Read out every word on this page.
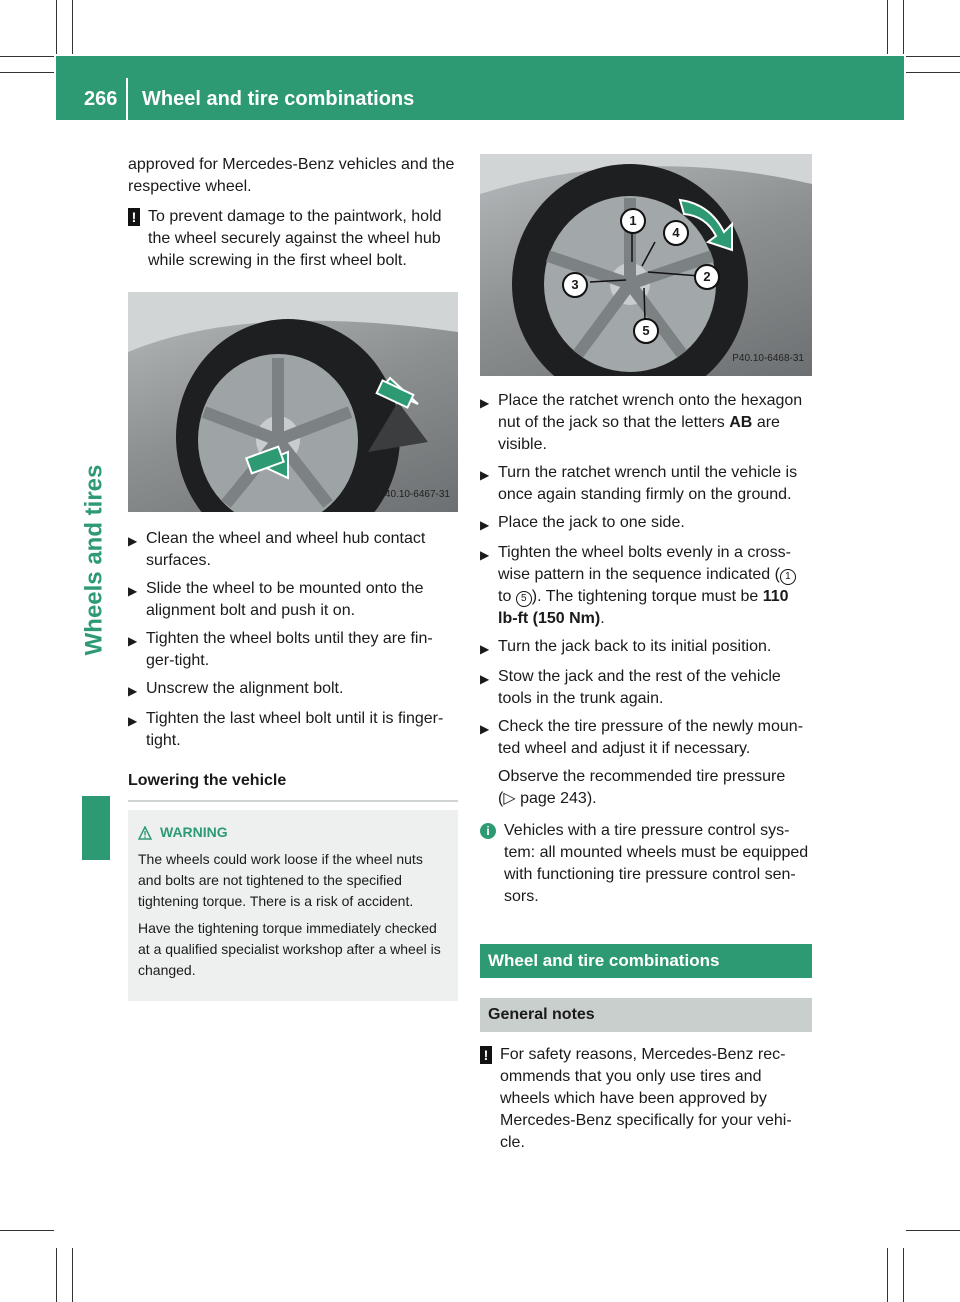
266 Wheel and tire combinations
Wheels and tires

approved for Mercedes-Benz vehicles and the respective wheel.

! To prevent damage to the paintwork, hold the wheel securely against the wheel hub while screwing in the first wheel bolt.
P40.10-6467-31
▶ Clean the wheel and wheel hub contact surfaces.
▶ Slide the wheel to be mounted onto the alignment bolt and push it on.
▶ Tighten the wheel bolts until they are fin-ger-tight.
▶ Unscrew the alignment bolt.
▶ Tighten the last wheel bolt until it is finger-tight.
Lowering the vehicle
WARNING

The wheels could work loose if the wheel nuts and bolts are not tightened to the specified tightening torque. There is a risk of accident.

Have the tightening torque immediately checked at a qualified specialist workshop after a wheel is changed.

1
4
2
3
5
P40.10-6468-31
▶ Place the ratchet wrench onto the hexagon nut of the jack so that the letters AB are visible.
▶ Turn the ratchet wrench until the vehicle is once again standing firmly on the ground.
▶ Place the jack to one side.
▶ Tighten the wheel bolts evenly in a cross-wise pattern in the sequence indicated ( 1 to 5 ). The tightening torque must be 110 lb-ft (150 Nm).
▶ Turn the jack back to its initial position.
▶ Stow the jack and the rest of the vehicle tools in the trunk again.
▶ Check the tire pressure of the newly moun-ted wheel and adjust it if necessary.

Observe the recommended tire pressure
(▷ page 243).

i Vehicles with a tire pressure control sys-tem: all mounted wheels must be equipped with functioning tire pressure control sen-sors.
Wheel and tire combinations
General notes
! For safety reasons, Mercedes-Benz rec-ommends that you only use tires and wheels which have been approved by Mercedes-Benz specifically for your vehi-cle.
